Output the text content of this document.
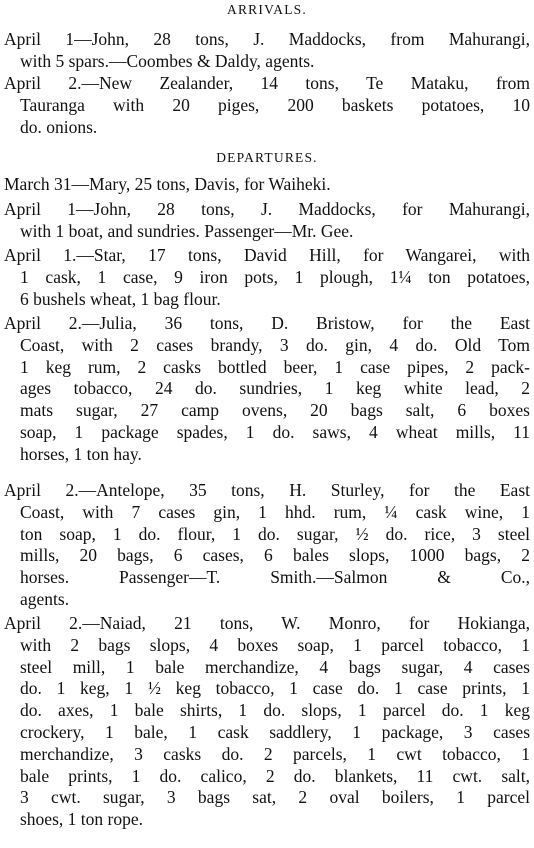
ARRIVALS.
April 1—John, 28 tons, J. Maddocks, from Mahurangi,
with 5 spars.—Coombes & Daldy, agents.
April 2.—New Zealander, 14 tons, Te Mataku, from
Tauranga with 20 piges, 200 baskets potatoes, 10
do. onions.
DEPARTURES.
March 31—Mary, 25 tons, Davis, for Waiheki.
April 1—John, 28 tons, J. Maddocks, for Mahurangi,
with 1 boat, and sundries. Passenger—Mr. Gee.
April 1.—Star, 17 tons, David Hill, for Wangarei, with
1 cask, 1 case, 9 iron pots, 1 plough, 1¼ ton potatoes,
6 bushels wheat, 1 bag flour.
April 2.—Julia, 36 tons, D. Bristow, for the East
Coast, with 2 cases brandy, 3 do. gin, 4 do. Old Tom
1 keg rum, 2 casks bottled beer, 1 case pipes, 2 pack-
ages tobacco, 24 do. sundries, 1 keg white lead, 2
mats sugar, 27 camp ovens, 20 bags salt, 6 boxes
soap, 1 package spades, 1 do. saws, 4 wheat mills, 11
horses, 1 ton hay.
April 2.—Antelope, 35 tons, H. Sturley, for the East
Coast, with 7 cases gin, 1 hhd. rum, ¼ cask wine, 1
ton soap, 1 do. flour, 1 do. sugar, ½ do. rice, 3 steel
mills, 20 bags, 6 cases, 6 bales slops, 1000 bags, 2
horses. Passenger—T. Smith.—Salmon & Co.,
agents.
April 2.—Naiad, 21 tons, W. Monro, for Hokianga,
with 2 bags slops, 4 boxes soap, 1 parcel tobacco, 1
steel mill, 1 bale merchandize, 4 bags sugar, 4 cases
do. 1 keg, 1 ½ keg tobacco, 1 case do. 1 case prints, 1
do. axes, 1 bale shirts, 1 do. slops, 1 parcel do. 1 keg
crockery, 1 bale, 1 cask saddlery, 1 package, 3 cases
merchandize, 3 casks do. 2 parcels, 1 cwt tobacco, 1
bale prints, 1 do. calico, 2 do. blankets, 11 cwt. salt,
3 cwt. sugar, 3 bags sat, 2 oval boilers, 1 parcel
shoes, 1 ton rope.
